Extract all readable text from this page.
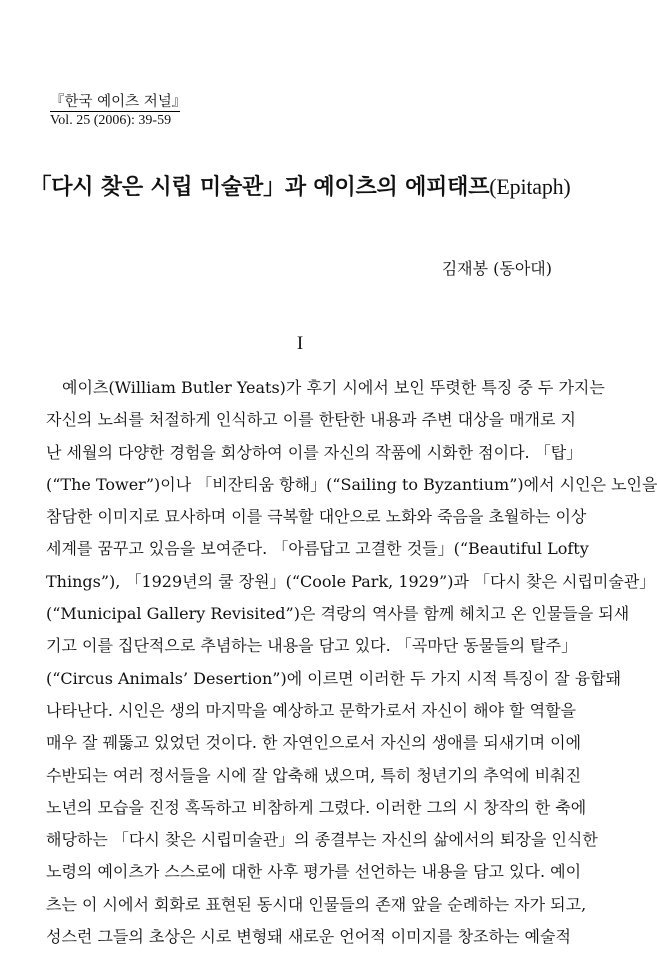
『한국 예이츠 저널』
Vol. 25 (2006): 39-59
「다시 찾은 시립 미술관」과 예이츠의 에피태프(Epitaph)
김재봉 (동아대)
I
예이츠(William Butler Yeats)가 후기 시에서 보인 뚜렷한 특징 중 두 가지는
자신의 노쇠를 처절하게 인식하고 이를 한탄한 내용과 주변 대상을 매개로 지
난 세월의 다양한 경험을 회상하여 이를 자신의 작품에 시화한 점이다. 「탑」
(“The Tower”)이나 「비잔티움 항해」(“Sailing to Byzantium”)에서 시인은 노인을
참담한 이미지로 묘사하며 이를 극복할 대안으로 노화와 죽음을 초월하는 이상
세계를 꿈꾸고 있음을 보여준다. 「아름답고 고결한 것들」(“Beautiful Lofty
Things”), 「1929년의 쿨 장원」(“Coole Park, 1929”)과 「다시 찾은 시립미술관」
(“Municipal Gallery Revisited”)은 격랑의 역사를 함께 헤치고 온 인물들을 되새
기고 이를 집단적으로 추념하는 내용을 담고 있다. 「곡마단 동물들의 탈주」
(“Circus Animals’ Desertion”)에 이르면 이러한 두 가지 시적 특징이 잘 융합돼
나타난다. 시인은 생의 마지막을 예상하고 문학가로서 자신이 해야 할 역할을
매우 잘 꿰뚫고 있었던 것이다. 한 자연인으로서 자신의 생애를 되새기며 이에
수반되는 여러 정서들을 시에 잘 압축해 냈으며, 특히 청년기의 추억에 비춰진
노년의 모습을 진정 혹독하고 비참하게 그렸다. 이러한 그의 시 창작의 한 축에
해당하는 「다시 찾은 시립미술관」의 종결부는 자신의 삶에서의 퇴장을 인식한
노령의 예이츠가 스스로에 대한 사후 평가를 선언하는 내용을 담고 있다. 예이
츠는 이 시에서 회화로 표현된 동시대 인물들의 존재 앞을 순례하는 자가 되고,
성스런 그들의 초상은 시로 변형돼 새로운 언어적 이미지를 창조하는 예술적
